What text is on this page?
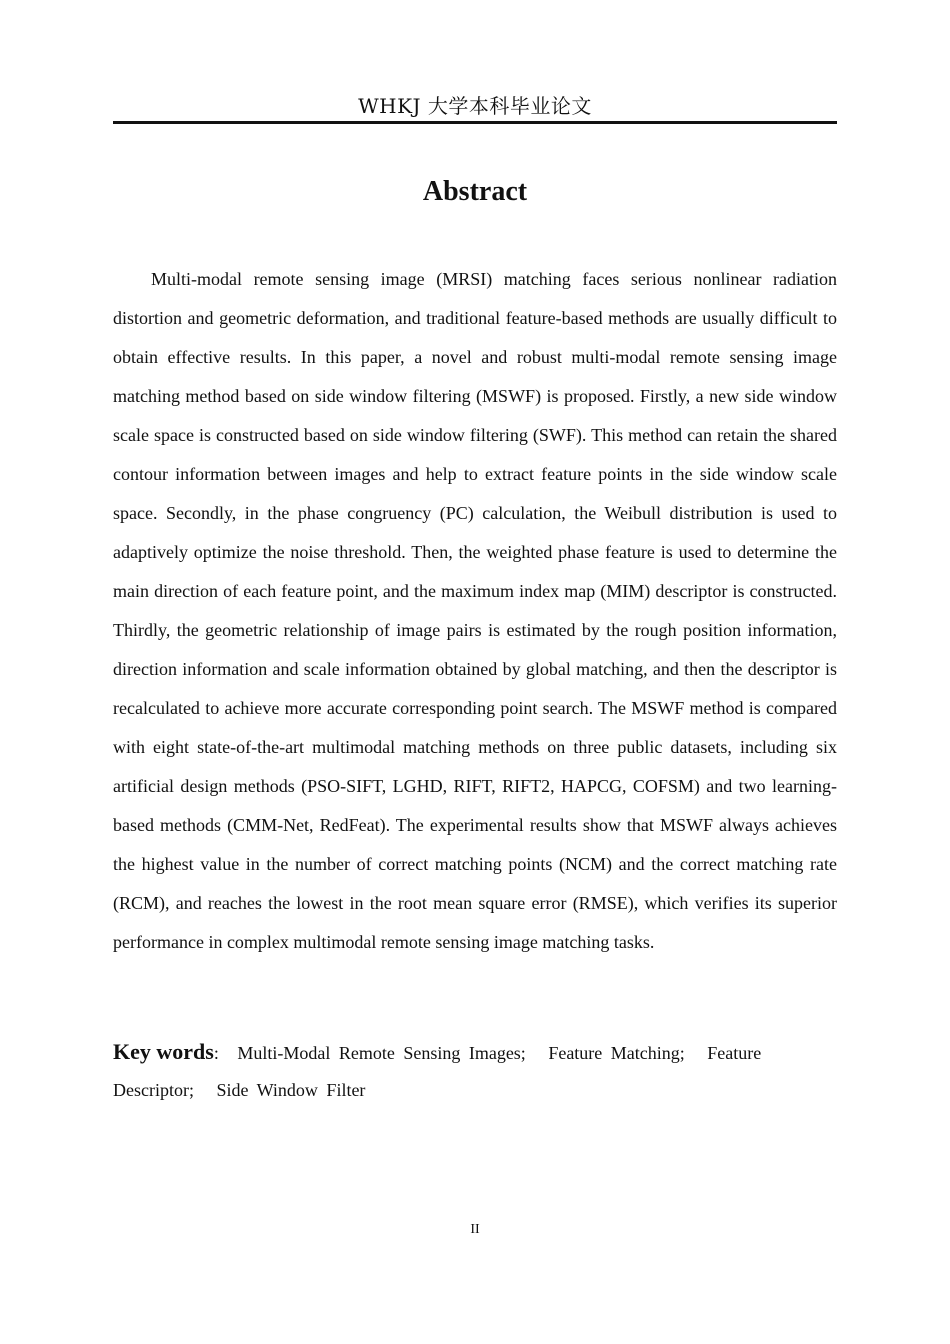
WHKJ 大学本科毕业论文
Abstract

Multi-modal remote sensing image (MRSI) matching faces serious nonlinear radiation distortion and geometric deformation, and traditional feature-based methods are usually difficult to obtain effective results. In this paper, a novel and robust multi-modal remote sensing image matching method based on side window filtering (MSWF) is proposed. Firstly, a new side window scale space is constructed based on side window filtering (SWF). This method can retain the shared contour information between images and help to extract feature points in the side window scale space. Secondly, in the phase congruency (PC) calculation, the Weibull distribution is used to adaptively optimize the noise threshold. Then, the weighted phase feature is used to determine the main direction of each feature point, and the maximum index map (MIM) descriptor is constructed. Thirdly, the geometric relationship of image pairs is estimated by the rough position information, direction information and scale information obtained by global matching, and then the descriptor is recalculated to achieve more accurate corresponding point search. The MSWF method is compared with eight state-of-the-art multimodal matching methods on three public datasets, including six artificial design methods (PSO-SIFT, LGHD, RIFT, RIFT2, HAPCG, COFSM) and two learning-based methods (CMM-Net, RedFeat). The experimental results show that MSWF always achieves the highest value in the number of correct matching points (NCM) and the correct matching rate (RCM), and reaches the lowest in the root mean square error (RMSE), which verifies its superior performance in complex multimodal remote sensing image matching tasks.

Key words: Multi-Modal Remote Sensing Images; Feature Matching; Feature Descriptor; Side Window Filter
II
